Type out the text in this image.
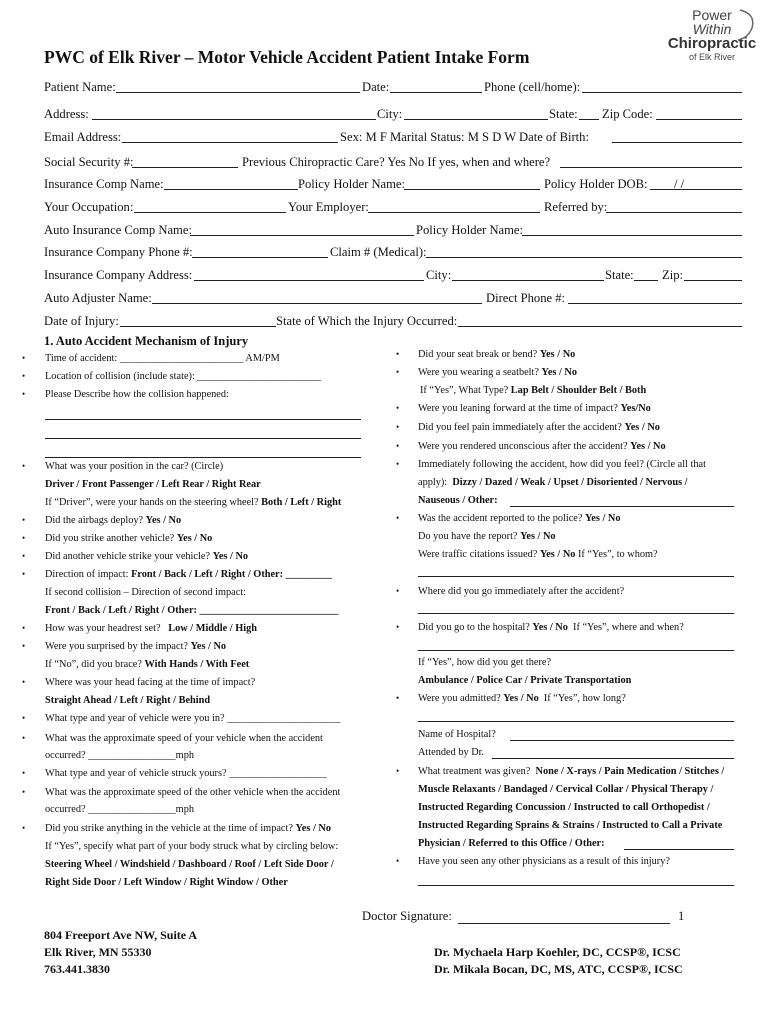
Power
Within
Chiropractic
of Elk River
PWC of Elk River – Motor Vehicle Accident Patient Intake Form
Patient Name:	Date:	Phone (cell/home):
Address:	City:	State: Zip Code:
Email Address:	Sex: M F Marital Status: M S D W Date of Birth:
Social Security #:	Previous Chiropractic Care? Yes No If yes, when and where?
Insurance Comp Name:	Policy Holder Name:	Policy Holder DOB: / /
Your Occupation:	Your Employer:	Referred by:
Auto Insurance Comp Name:	Policy Holder Name:
Insurance Company Phone #:	Claim # (Medical):
Insurance Company Address:	City:	State: Zip:
Auto Adjuster Name:	Direct Phone #:
Date of Injury:	State of Which the Injury Occurred:
1. Auto Accident Mechanism of Injury
• Time of accident: ________________________ AM/PM
• Location of collision (include state): ________________________
• Please Describe how the collision happened:
• What was your position in the car? (Circle)
Driver / Front Passenger / Left Rear / Right Rear
If “Driver”, were your hands on the steering wheel? Both / Left / Right
• Did the airbags deploy? Yes / No
• Did you strike another vehicle? Yes / No
• Did another vehicle strike your vehicle? Yes / No
• Direction of impact: Front / Back / Left / Right / Other: _________
If second collision – Direction of second impact:
Front / Back / Left / Right / Other: ___________________________
• How was your headrest set? Low / Middle / High
• Were you surprised by the impact? Yes / No
If “No”, did you brace? With Hands / With Feet
• Where was your head facing at the time of impact?
Straight Ahead / Left / Right / Behind
• What type and year of vehicle were you in? ______________________
• What was the approximate speed of your vehicle when the accident
occurred? _________________mph
• What type and year of vehicle struck yours? ___________________
• What was the approximate speed of the other vehicle when the accident
occurred? _________________mph
• Did you strike anything in the vehicle at the time of impact? Yes / No
If “Yes”, specify what part of your body struck what by circling below:
Steering Wheel / Windshield / Dashboard / Roof / Left Side Door /
Right Side Door / Left Window / Right Window / Other
• Did your seat break or bend? Yes / No
• Were you wearing a seatbelt? Yes / No
If “Yes”, What Type? Lap Belt / Shoulder Belt / Both
• Were you leaning forward at the time of impact? Yes/No
• Did you feel pain immediately after the accident? Yes / No
• Were you rendered unconscious after the accident? Yes / No
• Immediately following the accident, how did you feel? (Circle all that
apply): Dizzy / Dazed / Weak / Upset / Disoriented / Nervous /
Nauseous / Other:
• Was the accident reported to the police? Yes / No
Do you have the report? Yes / No
Were traffic citations issued? Yes / No If “Yes”, to whom?
• Where did you go immediately after the accident?
• Did you go to the hospital? Yes / No If “Yes”, where and when?
If “Yes”, how did you get there?
Ambulance / Police Car / Private Transportation
• Were you admitted? Yes / No If “Yes”, how long?
Name of Hospital?
Attended by Dr.
• What treatment was given? None / X-rays / Pain Medication / Stitches /
Muscle Relaxants / Bandaged / Cervical Collar / Physical Therapy /
Instructed Regarding Concussion / Instructed to call Orthopedist /
Instructed Regarding Sprains & Strains / Instructed to Call a Private
Physician / Referred to this Office / Other:
• Have you seen any other physicians as a result of this injury?
Doctor Signature:	1
804 Freeport Ave NW, Suite A
Elk River, MN 55330
763.441.3830
Dr. Mychaela Harp Koehler, DC, CCSP®, ICSC
Dr. Mikala Bocan, DC, MS, ATC, CCSP®, ICSC
